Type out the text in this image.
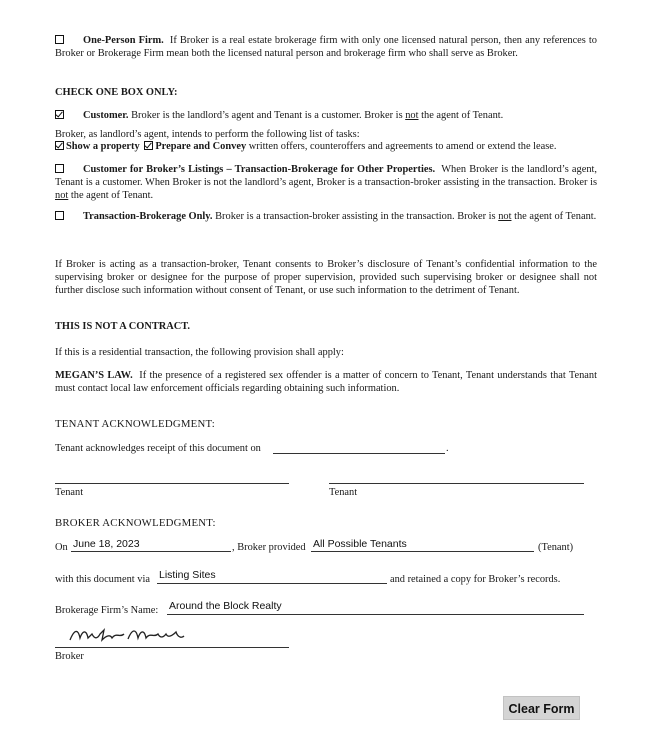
One-Person Firm. If Broker is a real estate brokerage firm with only one licensed natural person, then any references to Broker or Brokerage Firm mean both the licensed natural person and brokerage firm who shall serve as Broker.
CHECK ONE BOX ONLY:
Customer. Broker is the landlord’s agent and Tenant is a customer. Broker is not the agent of Tenant.
Broker, as landlord’s agent, intends to perform the following list of tasks:
Show a property Prepare and Convey written offers, counteroffers and agreements to amend or extend the lease.
Customer for Broker’s Listings – Transaction-Brokerage for Other Properties. When Broker is the landlord’s agent, Tenant is a customer. When Broker is not the landlord’s agent, Broker is a transaction-broker assisting in the transaction. Broker is not the agent of Tenant.
Transaction-Brokerage Only. Broker is a transaction-broker assisting in the transaction. Broker is not the agent of Tenant.
If Broker is acting as a transaction-broker, Tenant consents to Broker’s disclosure of Tenant’s confidential information to the supervising broker or designee for the purpose of proper supervision, provided such supervising broker or designee shall not further disclose such information without consent of Tenant, or use such information to the detriment of Tenant.
THIS IS NOT A CONTRACT.
If this is a residential transaction, the following provision shall apply:
MEGAN’S LAW. If the presence of a registered sex offender is a matter of concern to Tenant, Tenant understands that Tenant must contact local law enforcement officials regarding obtaining such information.
TENANT ACKNOWLEDGMENT:
Tenant acknowledges receipt of this document on	.
Tenant	Tenant
BROKER ACKNOWLEDGMENT:
On June 18, 2023	, Broker provided All Possible Tenants	(Tenant)
with this document via Listing Sites	and retained a copy for Broker’s records.
Brokerage Firm’s Name: Around the Block Realty
Broker
Clear Form
